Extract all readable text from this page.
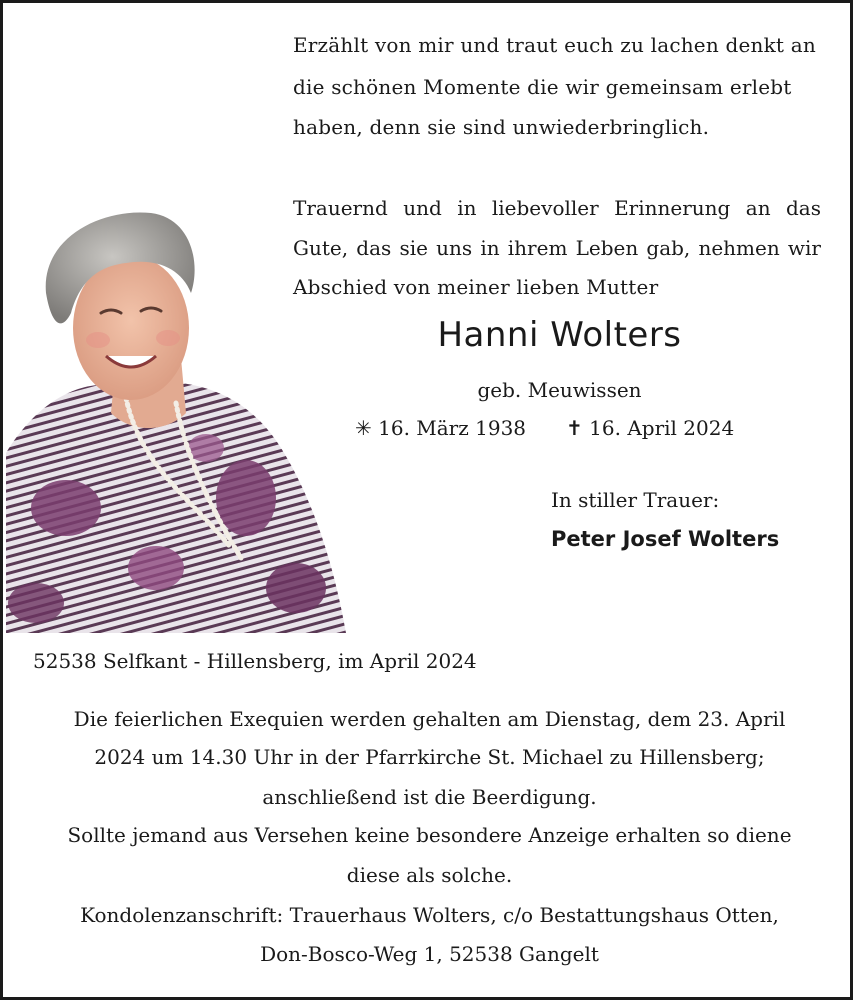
Erzählt von mir und traut euch zu lachen denkt an
die schönen Momente die wir gemeinsam erlebt
haben, denn sie sind unwiederbringlich.
Trauernd und in liebevoller Erinnerung an das
Gute, das sie uns in ihrem Leben gab, nehmen wir
Abschied von meiner lieben Mutter
Hanni Wolters
geb. Meuwissen
✳ 16. März 1938 ✝ 16. April 2024
In stiller Trauer:
Peter Josef Wolters
52538 Selfkant - Hillensberg, im April 2024
Die feierlichen Exequien werden gehalten am Dienstag, dem 23. April
2024 um 14.30 Uhr in der Pfarrkirche St. Michael zu Hillensberg;
anschließend ist die Beerdigung.
Sollte jemand aus Versehen keine besondere Anzeige erhalten so diene
diese als solche.
Kondolenzanschrift: Trauerhaus Wolters, c/o Bestattungshaus Otten,
Don-Bosco-Weg 1, 52538 Gangelt
